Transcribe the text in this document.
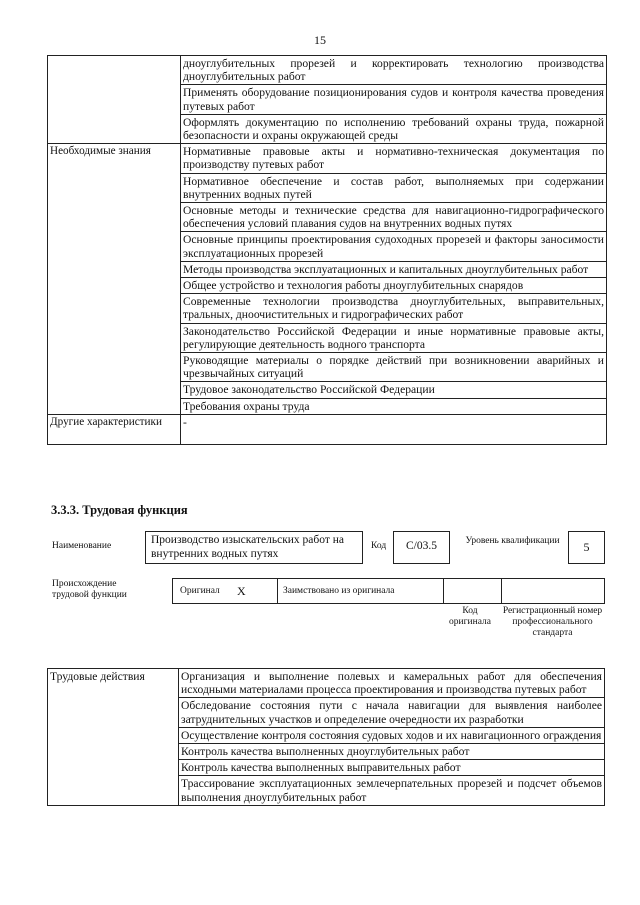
15
	дноуглубительных прорезей и корректировать технологию производства дноуглубительных работ
	Применять оборудование позиционирования судов и контроля качества проведения путевых работ
	Оформлять документацию по исполнению требований охраны труда, пожарной безопасности и охраны окружающей среды
Необходимые знания	Нормативные правовые акты и нормативно-техническая документация по производству путевых работ
	Нормативное обеспечение и состав работ, выполняемых при содержании внутренних водных путей
	Основные методы и технические средства для навигационно-гидрографического обеспечения условий плавания судов на внутренних водных путях
	Основные принципы проектирования судоходных прорезей и факторы заносимости эксплуатационных прорезей
	Методы производства эксплуатационных и капитальных дноуглубительных работ
	Общее устройство и технология работы дноуглубительных снарядов
	Современные технологии производства дноуглубительных, выправительных, тральных, дноочистительных и гидрографических работ
	Законодательство Российской Федерации и иные нормативные правовые акты, регулирующие деятельность водного транспорта
	Руководящие материалы о порядке действий при возникновении аварийных и чрезвычайных ситуаций
	Трудовое законодательство Российской Федерации
	Требования охраны труда
Другие характеристики	-
3.3.3. Трудовая функция
Наименование	Производство изыскательских работ на внутренних водных путях
Код	С/03.5	Уровень квалификации	5
Происхождение трудовой функции	Оригинал X	Заимствовано из оригинала
Код оригинала
Регистрационный номер профессионального стандарта
Трудовые действия	Организация и выполнение полевых и камеральных работ для обеспечения исходными материалами процесса проектирования и производства путевых работ
Обследование состояния пути с начала навигации для выявления наиболее затруднительных участков и определение очередности их разработки
Осуществление контроля состояния судовых ходов и их навигационного ограждения
Контроль качества выполненных дноуглубительных работ
Контроль качества выполненных выправительных работ
Трассирование эксплуатационных землечерпательных прорезей и подсчет объемов выполнения дноуглубительных работ
